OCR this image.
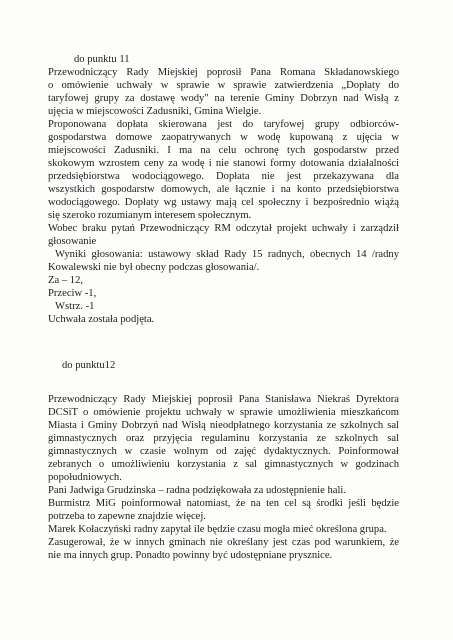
do punktu 11
Przewodniczący Rady Miejskiej poprosił Pana Romana Składanowskiego
o omówienie uchwały w sprawie w sprawie zatwierdzenia „Dopłaty do
taryfowej grupy za dostawę wody" na terenie Gminy Dobrzyn nad Wisłą z
ujęcia w miejscowości Zadusniki, Gmina Wielgie.
Proponowana dopłata skierowana jest do taryfowej grupy odbiorców-
gospodarstwa domowe zaopatrywanych w wodę kupowaną z ujęcia w
miejscowości Zadusniki. I ma na celu ochronę tych gospodarstw przed
skokowym wzrostem ceny za wodę i nie stanowi formy dotowania działalności
przedsiębiorstwa wodociągowego. Dopłata nie jest przekazywana dla
wszystkich gospodarstw domowych, ale łącznie i na konto przedsiębiorstwa
wodociągowego. Dopłaty wg ustawy mają cel społeczny i bezpośrednio wiążą
się szeroko rozumianym interesem społecznym.
Wobec braku pytań Przewodniczący RM odczytał projekt uchwały i zarządził
głosowanie
Wyniki głosowania: ustawowy skład Rady 15 radnych, obecnych 14 /radny
Kowalewski nie był obecny podczas głosowania/.
Za – 12,
Przeciw -1,
Wstrz. -1
Uchwała została podjęta.
do punktu12
Przewodniczący Rady Miejskiej poprosił Pana Stanisława Niekraś Dyrektora
DCSiT o omówienie projektu uchwały w sprawie umożliwienia mieszkańcom
Miasta i Gminy Dobrzyń nad Wisłą nieodpłatnego korzystania ze szkolnych sal
gimnastycznych oraz przyjęcia regulaminu korzystania ze szkolnych sal
gimnastycznych w czasie wolnym od zajęć dydaktycznych. Poinformował
zebranych o umożliwieniu korzystania z sal gimnastycznych w godzinach
popołudniowych.
Pani Jadwiga Grudzinska – radna podziękowała za udostępnienie hali.
Burmistrz MiG poinformował natomiast, że na ten cel są środki jeśli będzie
potrzeba to zapewne znajdzie więcej.
Marek Kołaczyński radny zapytał ile będzie czasu mogła mieć określona grupa.
Zasugerował, że w innych gminach nie określany jest czas pod warunkiem, że
nie ma innych grup. Ponadto powinny być udostępniane prysznice.
